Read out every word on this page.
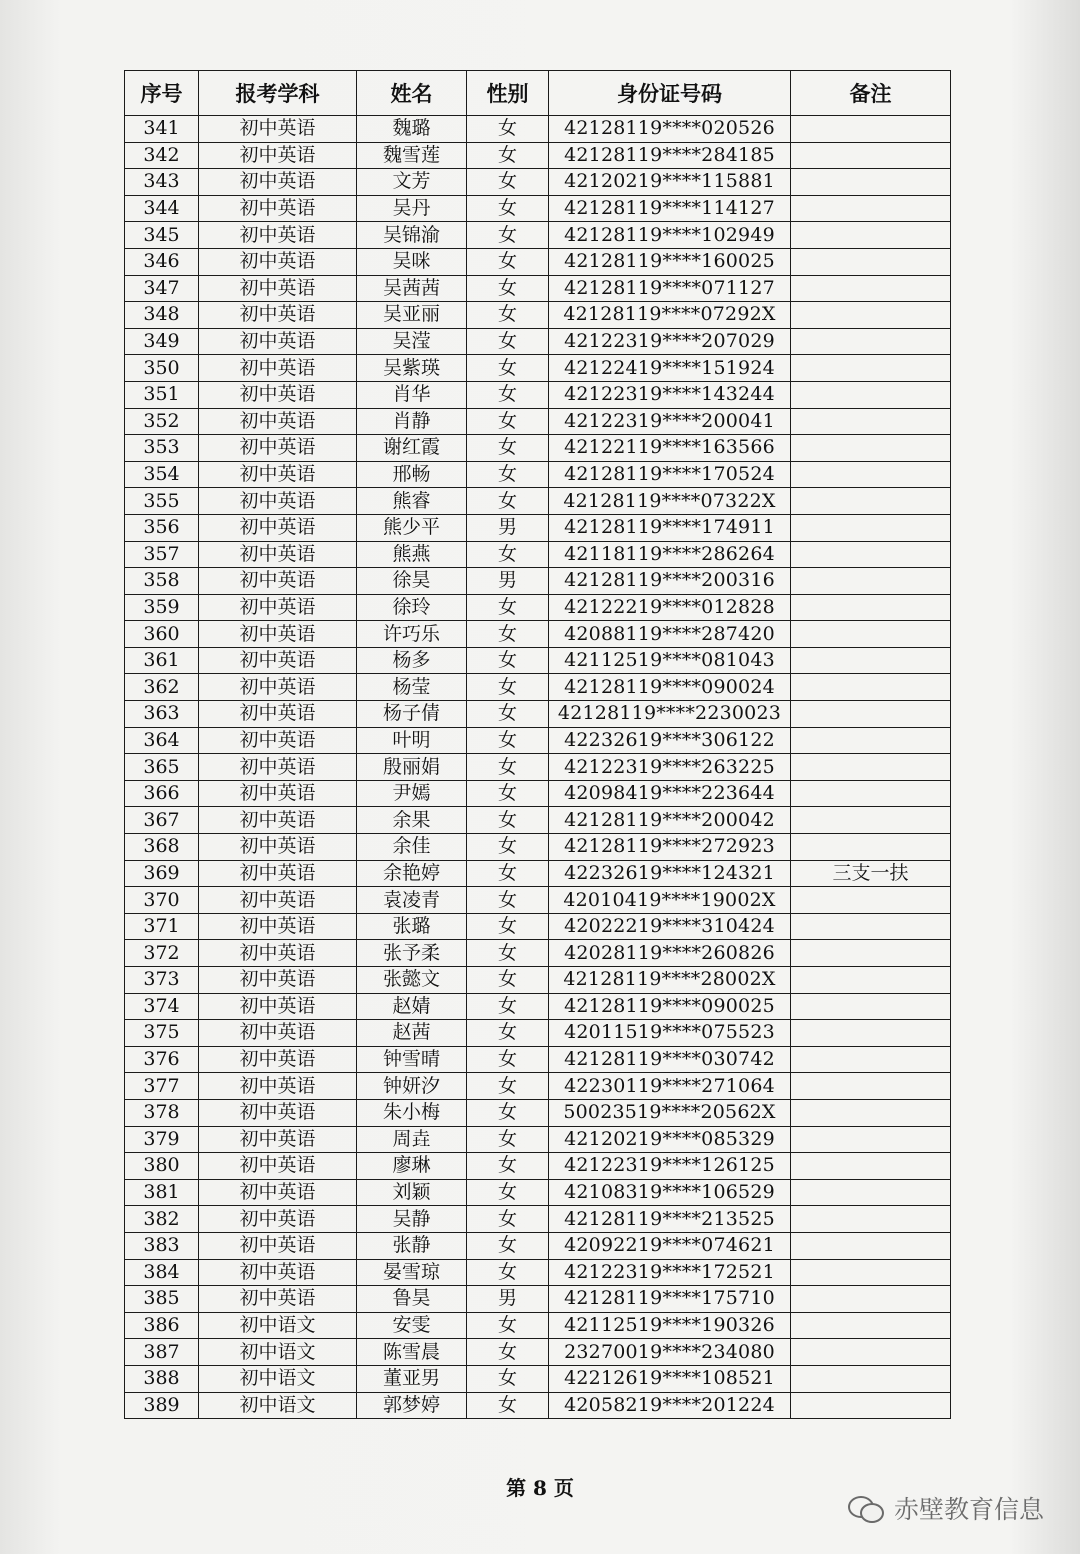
序号	报考学科	姓名	性别	身份证号码	备注
341	初中英语	魏璐	女	42128119****020526	
342	初中英语	魏雪莲	女	42128119****284185	
343	初中英语	文芳	女	42120219****115881	
344	初中英语	吴丹	女	42128119****114127	
345	初中英语	吴锦渝	女	42128119****102949	
346	初中英语	吴咪	女	42128119****160025	
347	初中英语	吴茜茜	女	42128119****071127	
348	初中英语	吴亚丽	女	42128119****07292X	
349	初中英语	吴滢	女	42122319****207029	
350	初中英语	吴紫瑛	女	42122419****151924	
351	初中英语	肖华	女	42122319****143244	
352	初中英语	肖静	女	42122319****200041	
353	初中英语	谢红霞	女	42122119****163566	
354	初中英语	邢畅	女	42128119****170524	
355	初中英语	熊睿	女	42128119****07322X	
356	初中英语	熊少平	男	42128119****174911	
357	初中英语	熊燕	女	42118119****286264	
358	初中英语	徐昊	男	42128119****200316	
359	初中英语	徐玲	女	42122219****012828	
360	初中英语	许巧乐	女	42088119****287420	
361	初中英语	杨多	女	42112519****081043	
362	初中英语	杨莹	女	42128119****090024	
363	初中英语	杨子倩	女	42128119****2230023	
364	初中英语	叶明	女	42232619****306122	
365	初中英语	殷丽娟	女	42122319****263225	
366	初中英语	尹嫣	女	42098419****223644	
367	初中英语	余果	女	42128119****200042	
368	初中英语	余佳	女	42128119****272923	
369	初中英语	余艳婷	女	42232619****124321	三支一扶
370	初中英语	袁凌青	女	42010419****19002X	
371	初中英语	张璐	女	42022219****310424	
372	初中英语	张予柔	女	42028119****260826	
373	初中英语	张懿文	女	42128119****28002X	
374	初中英语	赵婧	女	42128119****090025	
375	初中英语	赵茜	女	42011519****075523	
376	初中英语	钟雪晴	女	42128119****030742	
377	初中英语	钟妍汐	女	42230119****271064	
378	初中英语	朱小梅	女	50023519****20562X	
379	初中英语	周垚	女	42120219****085329	
380	初中英语	廖琳	女	42122319****126125	
381	初中英语	刘颖	女	42108319****106529	
382	初中英语	吴静	女	42128119****213525	
383	初中英语	张静	女	42092219****074621	
384	初中英语	晏雪琼	女	42122319****172521	
385	初中英语	鲁昊	男	42128119****175710	
386	初中语文	安雯	女	42112519****190326	
387	初中语文	陈雪晨	女	23270019****234080	
388	初中语文	董亚男	女	42212619****108521	
389	初中语文	郭梦婷	女	42058219****201224	
第 8 页
赤壁教育信息
